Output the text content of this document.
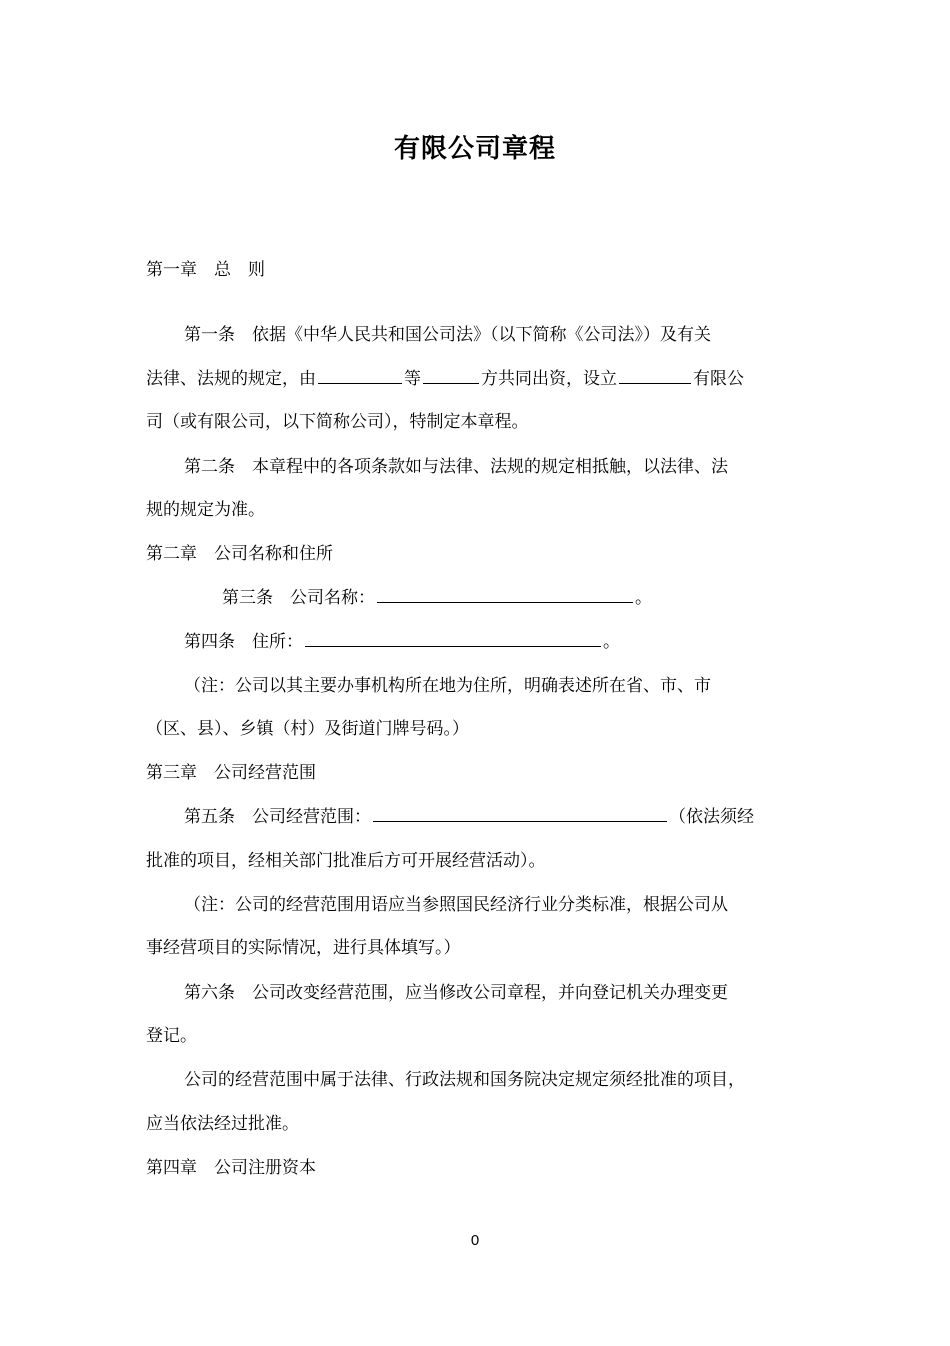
有限公司章程
第一章　总　则
第一条　依据《中华人民共和国公司法》（以下简称《公司法》）及有关
法律、法规的规定，由	等	方共同出资，设立	有限公
司（或有限公司，以下简称公司），特制定本章程。
第二条　本章程中的各项条款如与法律、法规的规定相抵触，以法律、法
规的规定为准。
第二章　公司名称和住所
第三条　公司名称：	。
第四条　住所：	。
（注：公司以其主要办事机构所在地为住所，明确表述所在省、市、市
（区、县）、乡镇（村）及街道门牌号码。）
第三章　公司经营范围
第五条　公司经营范围：	（依法须经
批准的项目，经相关部门批准后方可开展经营活动）。
（注：公司的经营范围用语应当参照国民经济行业分类标准，根据公司从
事经营项目的实际情况，进行具体填写。）
第六条　公司改变经营范围，应当修改公司章程，并向登记机关办理变更
登记。
公司的经营范围中属于法律、行政法规和国务院决定规定须经批准的项目，
应当依法经过批准。
第四章　公司注册资本
0
